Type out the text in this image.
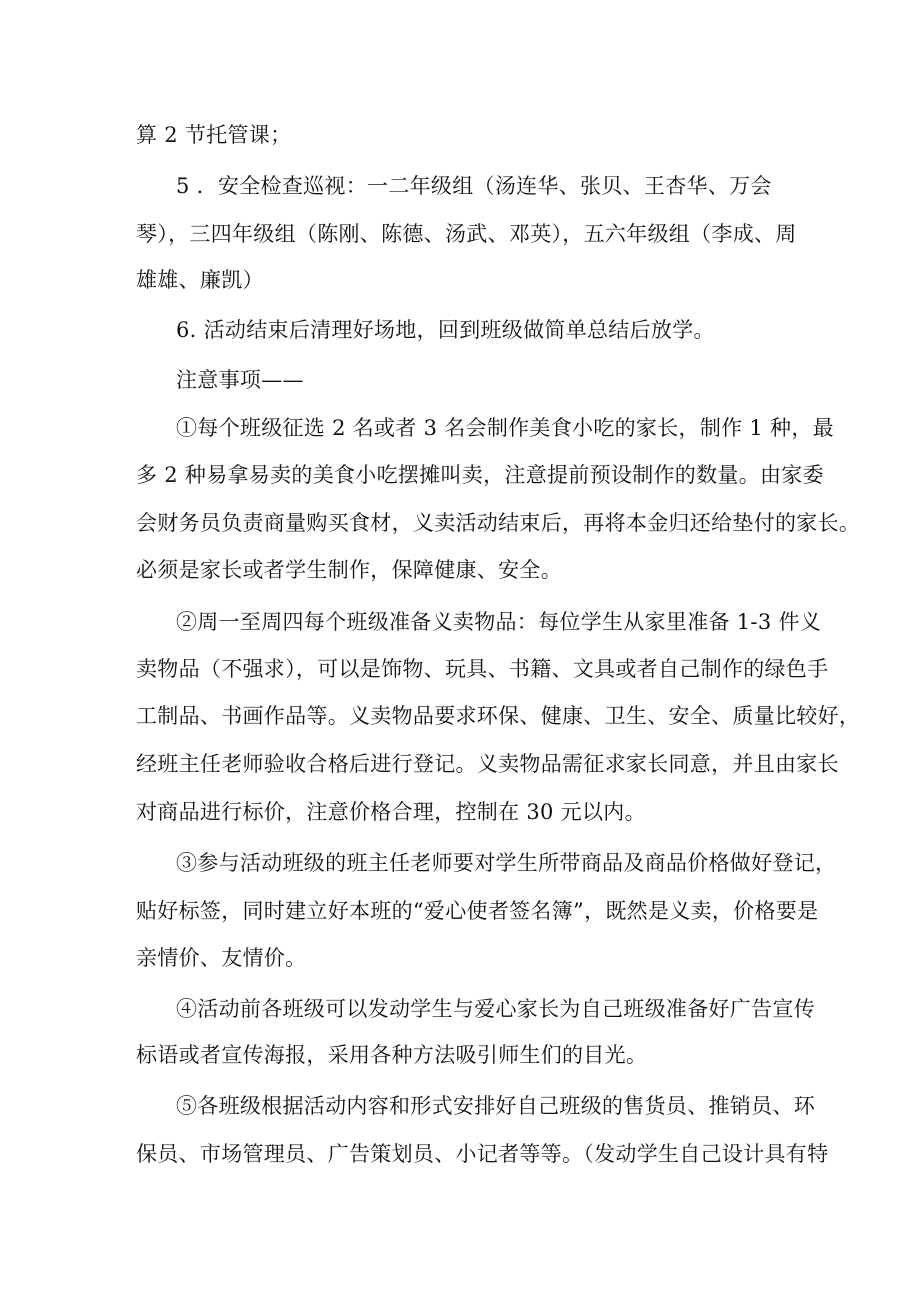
算 2 节托管课；
5 ．安全检查巡视：一二年级组（汤连华、张贝、王杏华、万会
琴），三四年级组（陈刚、陈德、汤武、邓英），五六年级组（李成、周
雄雄、廉凯）
6. 活动结束后清理好场地，回到班级做简单总结后放学。
注意事项——
①每个班级征选 2 名或者 3 名会制作美食小吃的家长，制作 1 种，最
多 2 种易拿易卖的美食小吃摆摊叫卖，注意提前预设制作的数量。由家委
会财务员负责商量购买食材，义卖活动结束后，再将本金归还给垫付的家长。
必须是家长或者学生制作，保障健康、安全。
②周一至周四每个班级准备义卖物品：每位学生从家里准备 1-3 件义
卖物品（不强求），可以是饰物、玩具、书籍、文具或者自己制作的绿色手
工制品、书画作品等。义卖物品要求环保、健康、卫生、安全、质量比较好，
经班主任老师验收合格后进行登记。义卖物品需征求家长同意，并且由家长
对商品进行标价，注意价格合理，控制在 30 元以内。
③参与活动班级的班主任老师要对学生所带商品及商品价格做好登记，
贴好标签，同时建立好本班的“爱心使者签名簿”，既然是义卖，价格要是
亲情价、友情价。
④活动前各班级可以发动学生与爱心家长为自己班级准备好广告宣传
标语或者宣传海报，采用各种方法吸引师生们的目光。
⑤各班级根据活动内容和形式安排好自己班级的售货员、推销员、环
保员、市场管理员、广告策划员、小记者等等。（发动学生自己设计具有特
